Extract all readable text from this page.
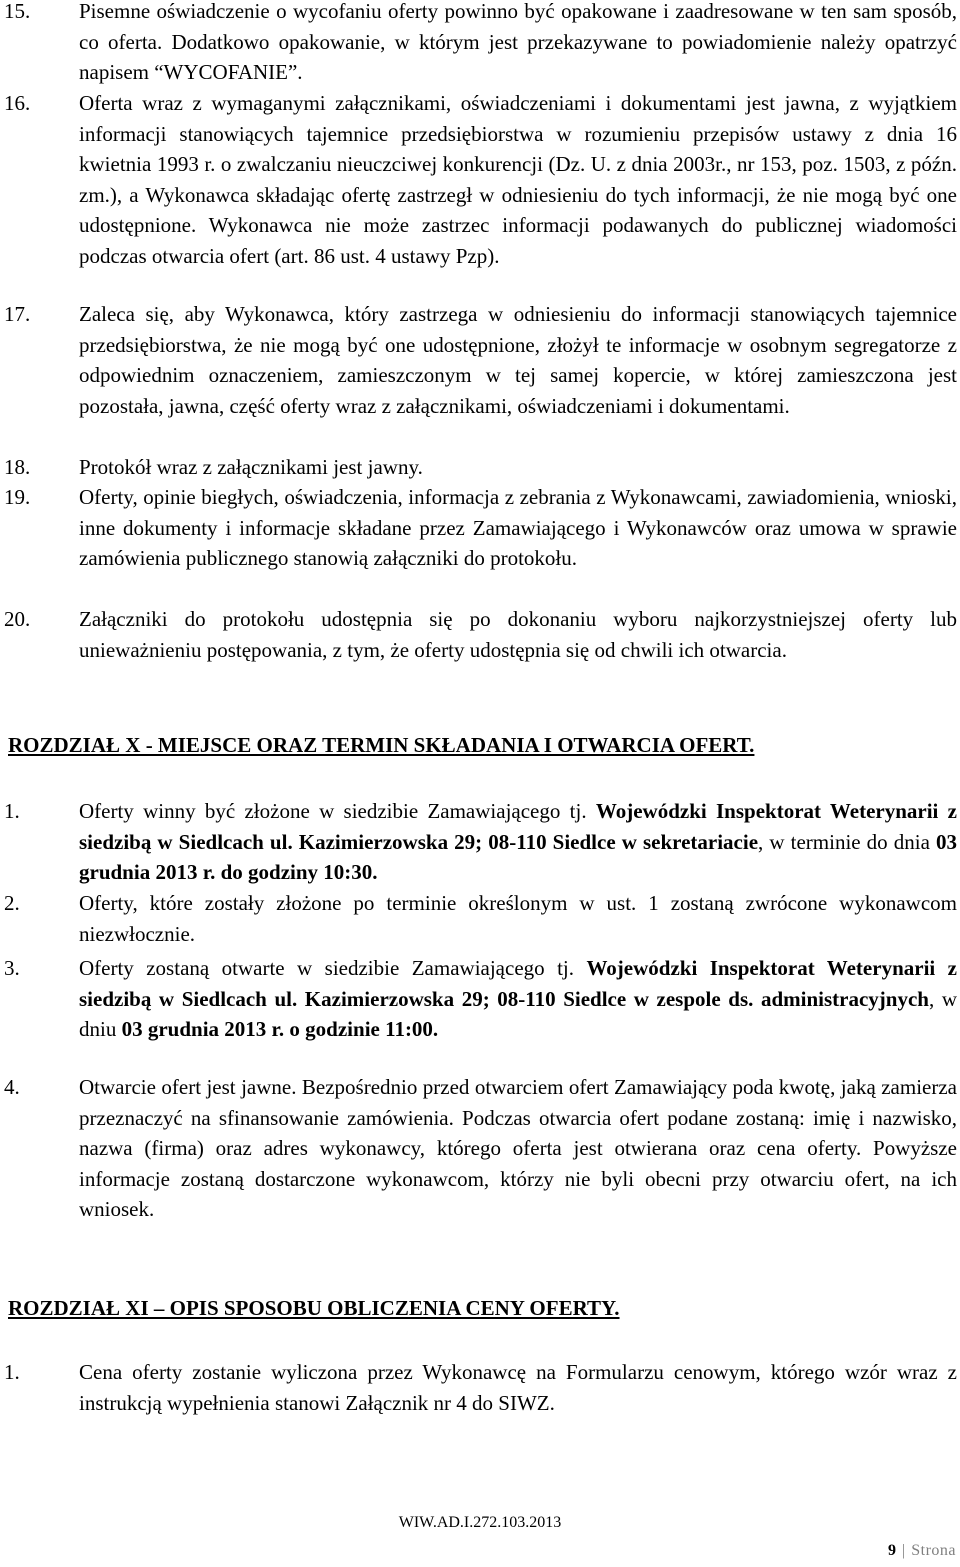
15. Pisemne oświadczenie o wycofaniu oferty powinno być opakowane i zaadresowane w ten sam sposób, co oferta. Dodatkowo opakowanie, w którym jest przekazywane to powiadomienie należy opatrzyć napisem “WYCOFANIE”.
16. Oferta wraz z wymaganymi załącznikami, oświadczeniami i dokumentami jest jawna, z wyjątkiem informacji stanowiących tajemnice przedsiębiorstwa w rozumieniu przepisów ustawy z dnia 16 kwietnia 1993 r. o zwalczaniu nieuczciwej konkurencji (Dz. U. z dnia 2003r., nr 153, poz. 1503, z późn. zm.), a Wykonawca składając ofertę zastrzegł w odniesieniu do tych informacji, że nie mogą być one udostępnione. Wykonawca nie może zastrzec informacji podawanych do publicznej wiadomości podczas otwarcia ofert (art. 86 ust. 4 ustawy Pzp).
17. Zaleca się, aby Wykonawca, który zastrzega w odniesieniu do informacji stanowiących tajemnice przedsiębiorstwa, że nie mogą być one udostępnione, złożył te informacje w osobnym segregatorze z odpowiednim oznaczeniem, zamieszczonym w tej samej kopercie, w której zamieszczona jest pozostała, jawna, część oferty wraz z załącznikami, oświadczeniami i dokumentami.
18. Protokół wraz z załącznikami jest jawny.
19. Oferty, opinie biegłych, oświadczenia, informacja z zebrania z Wykonawcami, zawiadomienia, wnioski, inne dokumenty i informacje składane przez Zamawiającego i Wykonawców oraz umowa w sprawie zamówienia publicznego stanowią załączniki do protokołu.
20. Załączniki do protokołu udostępnia się po dokonaniu wyboru najkorzystniejszej oferty lub unieważnieniu postępowania, z tym, że oferty udostępnia się od chwili ich otwarcia.
ROZDZIAŁ X - MIEJSCE ORAZ TERMIN SKŁADANIA I OTWARCIA OFERT.
1.	Oferty winny być złożone w siedzibie Zamawiającego tj. Wojewódzki Inspektorat Weterynarii z siedzibą w Siedlcach ul. Kazimierzowska 29; 08-110 Siedlce w sekretariacie, w terminie do dnia 03 grudnia 2013 r. do godziny 10:30.
2.	Oferty, które zostały złożone po terminie określonym w ust. 1 zostaną zwrócone wykonawcom niezwłocznie.
3.	Oferty zostaną otwarte w siedzibie Zamawiającego tj. Wojewódzki Inspektorat Weterynarii z siedzibą w Siedlcach ul. Kazimierzowska 29; 08-110 Siedlce w zespole ds. administracyjnych, w dniu 03 grudnia 2013 r. o godzinie 11:00.
4.	Otwarcie ofert jest jawne. Bezpośrednio przed otwarciem ofert Zamawiający poda kwotę, jaką zamierza przeznaczyć na sfinansowanie zamówienia. Podczas otwarcia ofert podane zostaną: imię i nazwisko, nazwa (firma) oraz adres wykonawcy, którego oferta jest otwierana oraz cena oferty. Powyższe informacje zostaną dostarczone wykonawcom, którzy nie byli obecni przy otwarciu ofert, na ich wniosek.
ROZDZIAŁ XI – OPIS SPOSOBU OBLICZENIA CENY OFERTY.
1.	Cena oferty zostanie wyliczona przez Wykonawcę na Formularzu cenowym, którego wzór wraz z instrukcją wypełnienia stanowi Załącznik nr 4 do SIWZ.
WIW.AD.I.272.103.2013
9 | Strona
